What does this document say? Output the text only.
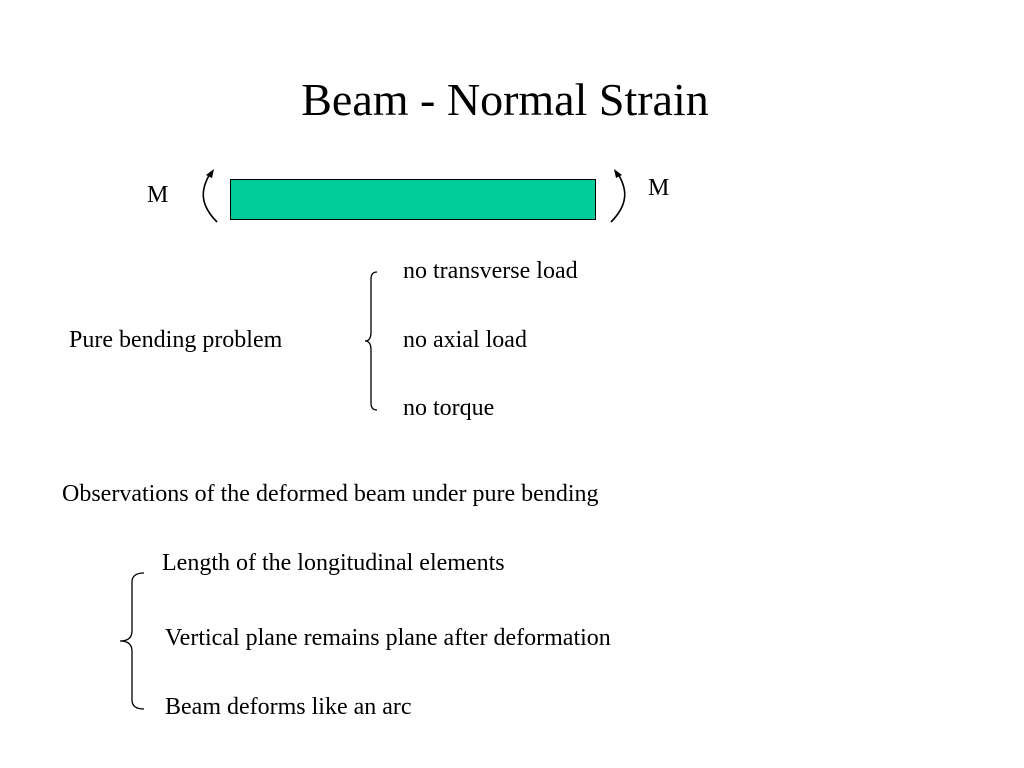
Beam - Normal Strain
M	M
Pure bending problem
no transverse load
no axial load
no torque
Observations of the deformed beam under pure bending
Length of the longitudinal elements
Vertical plane remains plane after deformation
Beam deforms like an arc
